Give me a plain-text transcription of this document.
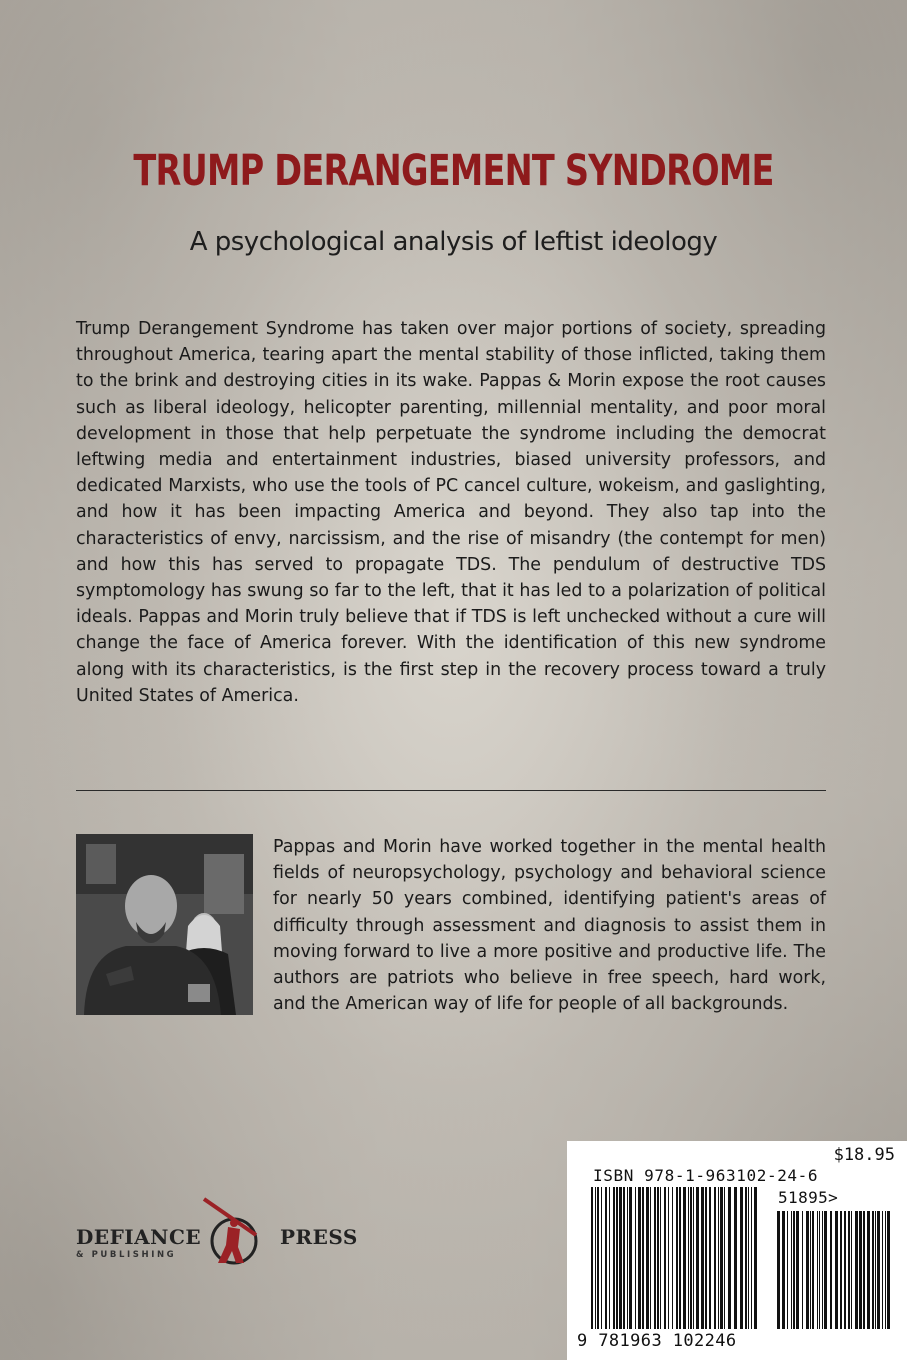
TRUMP DERANGEMENT SYNDROME
A psychological analysis of leftist ideology
Trump Derangement Syndrome has taken over major portions of society, spreading throughout America, tearing apart the mental stability of those inflicted, taking them to the brink and destroying cities in its wake. Pappas & Morin expose the root causes such as liberal ideology, helicopter parenting, millennial mentality, and poor moral development in those that help perpetuate the syndrome including the democrat leftwing media and entertainment industries, biased university professors, and dedicated Marxists, who use the tools of PC cancel culture, wokeism, and gaslighting, and how it has been impacting America and beyond. They also tap into the characteristics of envy, narcissism, and the rise of misandry (the contempt for men) and how this has served to propagate TDS. The pendulum of destructive TDS symptomology has swung so far to the left, that it has led to a polarization of political ideals. Pappas and Morin truly believe that if TDS is left unchecked without a cure will change the face of America forever. With the identification of this new syndrome along with its characteristics, is the first step in the recovery process toward a truly United States of America.
Pappas and Morin have worked together in the mental health fields of neuropsychology, psychology and behavioral science for nearly 50 years combined, identifying patient's areas of difficulty through assessment and diagnosis to assist them in moving forward to live a more positive and productive life. The authors are patriots who believe in free speech, hard work, and the American way of life for people of all backgrounds.
DEFIANCE	PRESS
& PUBLISHING
$18.95
ISBN 978-1-963102-24-6
51895>
9 781963 102246
